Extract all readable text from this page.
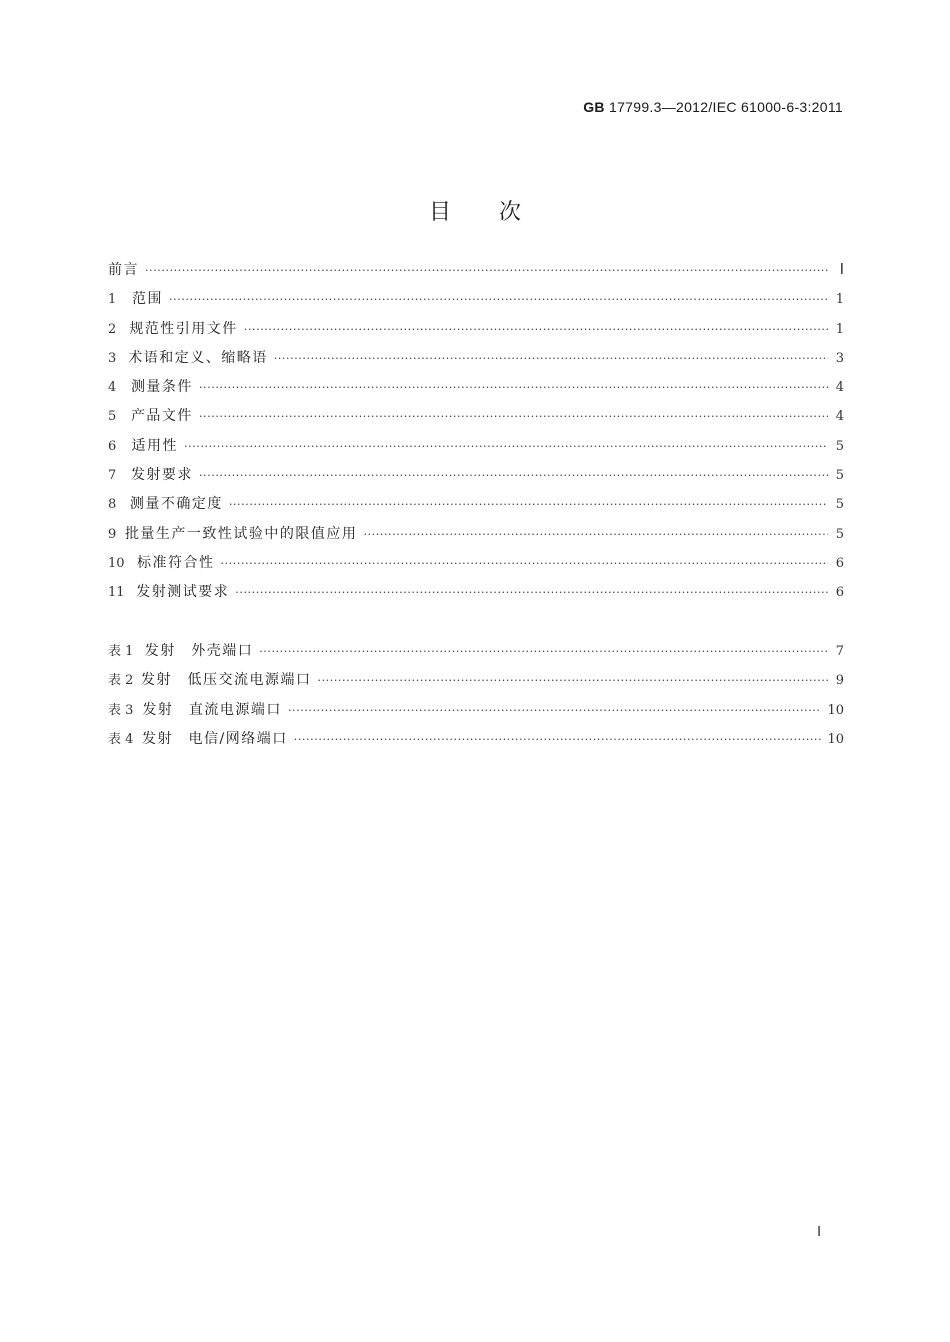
GB 17799.3—2012/IEC 61000-6-3:2011
目次
前言 ·····	Ⅰ
1	范围 ·····	1
2 规范性引用文件 ·····	1
3 术语和定义、缩略语 ·····	3
4	测量条件 ·····	4
5	产品文件 ·····	4
6	适用性 ·····	5
7	发射要求 ·····	5
8 测量不确定度 ·····	5
9 批量生产一致性试验中的限值应用 ·····	5
10 标准符合性 ·····	6
11 发射测试要求 ·····	6
表 1 发射　外壳端口 ·····	7
表 2 发射　低压交流电源端口 ·····	9
表 3 发射　直流电源端口 ·····	10
表 4 发射　电信/网络端口 ·····	10
Ⅰ
